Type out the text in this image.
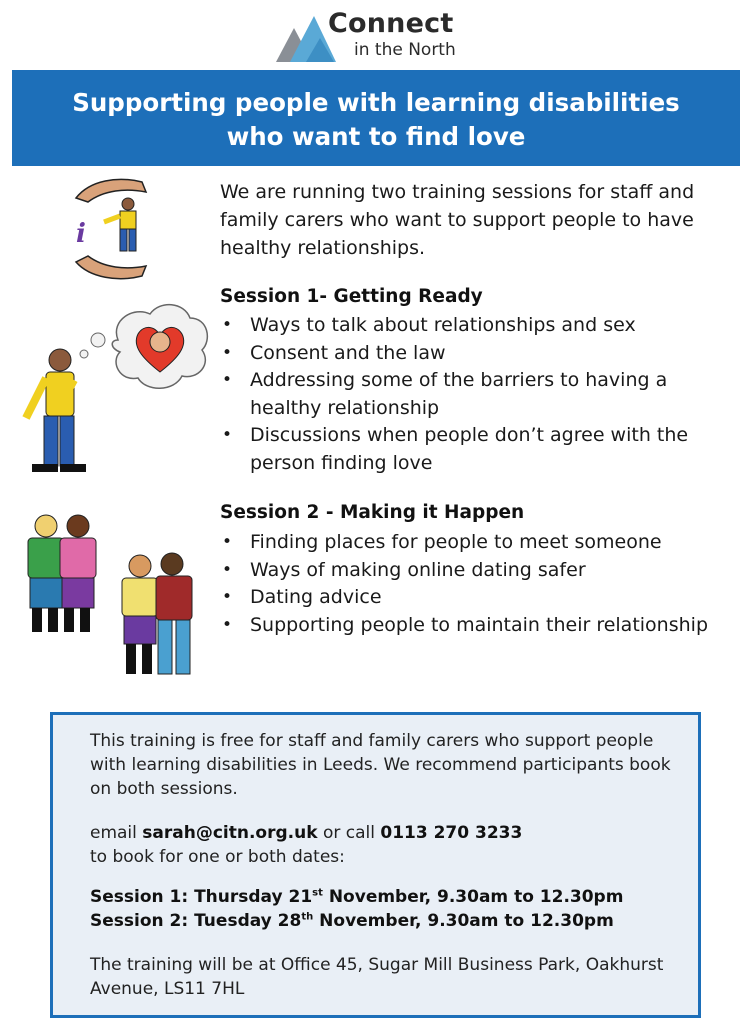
Connect
in the North
Supporting people with learning disabilities
who want to find love
i
We are running two training sessions for staff and family carers who want to support people to have healthy relationships.
Session 1- Getting Ready
• Ways to talk about relationships and sex
• Consent and the law
• Addressing some of the barriers to having a healthy relationship
• Discussions when people don’t agree with the person finding love
Session 2 - Making it Happen
• Finding places for people to meet someone
• Ways of making online dating safer
• Dating advice
• Supporting people to maintain their relationship
This training is free for staff and family carers who support people with learning disabilities in Leeds. We recommend participants book on both sessions.
email sarah@citn.org.uk or call 0113 270 3233
to book for one or both dates:
Session 1: Thursday 21st November, 9.30am to 12.30pm
Session 2: Tuesday 28th November, 9.30am to 12.30pm
The training will be at Office 45, Sugar Mill Business Park, Oakhurst Avenue, LS11 7HL
